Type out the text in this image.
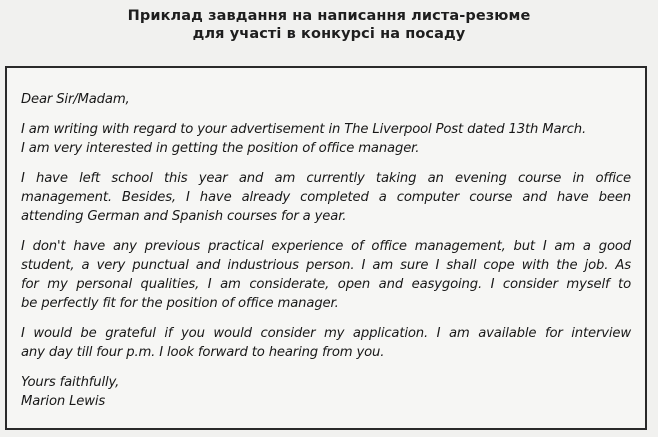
Приклад завдання на написання листа-резюме
для участі в конкурсі на посаду
Dear Sir/Madam,
I am writing with regard to your advertisement in The Liverpool Post dated 13th March.
I am very interested in getting the position of office manager.
I have left school this year and am currently taking an evening course in office
management. Besides, I have already completed a computer course and have been
attending German and Spanish courses for a year.
I don't have any previous practical experience of office management, but I am a good
student, a very punctual and industrious person. I am sure I shall cope with the job. As
for my personal qualities, I am considerate, open and easygoing. I consider myself to
be perfectly fit for the position of office manager.
I would be grateful if you would consider my application. I am available for interview
any day till four p.m. I look forward to hearing from you.
Yours faithfully,
Marion Lewis
